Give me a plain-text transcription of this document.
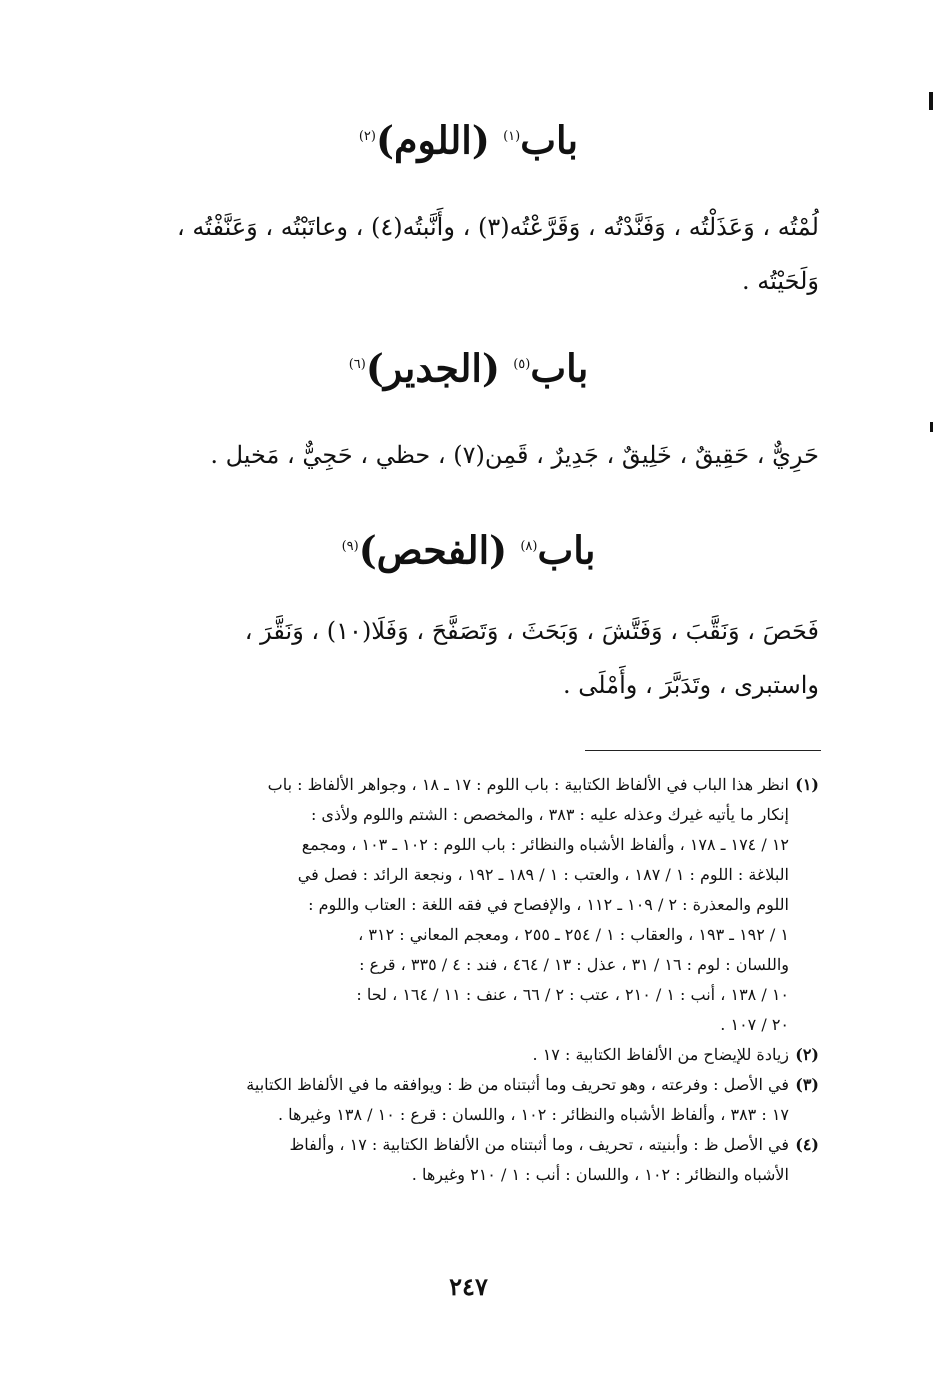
باب$^{(١)}$ (اللوم)$^{(٢)}$
لُمْتُه ، وَعَذَلْتُه ، وَفَنَّدْتُه ، وَقَرَّعْتُه(٣) ، وأَنَّبتُه(٤) ، وعاتَبْتُه ، وَعَنَّفْتُه ،
وَلَحَيْتُه .
باب$^{(٥)}$ (الجدير)$^{(٦)}$
حَرِيٌّ ، حَقِيقٌ ، خَلِيقٌ ، جَدِيرٌ ، قَمِن(٧) ، حظي ، حَجِيٌّ ، مَخيل .
باب$^{(٨)}$ (الفحص)$^{(٩)}$
فَحَصَ ، وَنَقَّبَ ، وَفَتَّشَ ، وَبَحَثَ ، وَتَصَفَّحَ ، وَفَلَا(١٠) ، وَنَقَّرَ ،
واستبرى ، وتَدَبَّرَ ، وأَمْلَى .
(١)
انظر هذا الباب في الألفاظ الكتابية : باب اللوم : ١٧ ـ ١٨ ، وجواهر الألفاظ : باب
إنكار ما يأتيه غيرك وعذله عليه : ٣٨٣ ، والمخصص : الشتم واللوم ولأذى :
١٢ / ١٧٤ ـ ١٧٨ ، وألفاظ الأشباه والنظائر : باب اللوم : ١٠٢ ـ ١٠٣ ، ومجمع
البلاغة : اللوم : ١ / ١٨٧ ، والعتب : ١ / ١٨٩ ـ ١٩٢ ، ونجعة الرائد : فصل في
اللوم والمعذرة : ٢ / ١٠٩ ـ ١١٢ ، والإفصاح في فقه اللغة : العتاب واللوم :
١ / ١٩٢ ـ ١٩٣ ، والعقاب : ١ / ٢٥٤ ـ ٢٥٥ ، ومعجم المعاني : ٣١٢ ،
واللسان : لوم : ١٦ / ٣١ ، عذل : ١٣ / ٤٦٤ ، فند : ٤ / ٣٣٥ ، قرع :
١٠ / ١٣٨ ، أنب : ١ / ٢١٠ ، عتب : ٢ / ٦٦ ، عنف : ١١ / ١٦٤ ، لحا :
٢٠ / ١٠٧ .
(٢)
زيادة للإيضاح من الألفاظ الكتابية : ١٧ .
(٣)
في الأصل : وفرعته ، وهو تحريف وما أثبتناه من ظ : ويوافقه ما في الألفاظ الكتابية
١٧ : ٣٨٣ ، وألفاظ الأشباه والنظائر : ١٠٢ ، واللسان : قرع : ١٠ / ١٣٨ وغيرها .
(٤)
في الأصل ظ : وأبنيته ، تحريف ، وما أثبتناه من الألفاظ الكتابية : ١٧ ، وألفاظ
الأشباه والنظائر : ١٠٢ ، واللسان : أنب : ١ / ٢١٠ وغيرها .
٢٤٧
